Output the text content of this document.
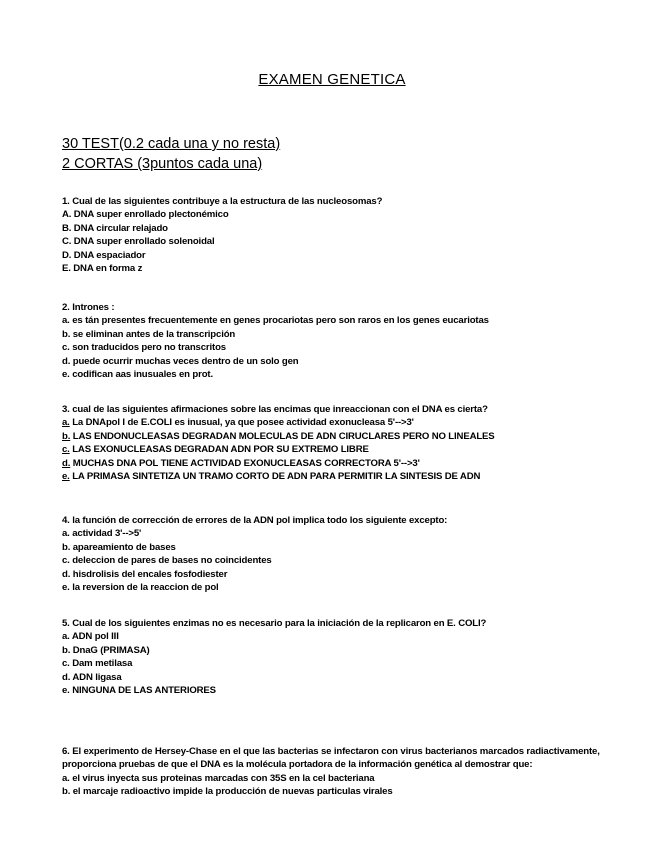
EXAMEN GENETICA
30 TEST(0.2 cada una y no resta)
2 CORTAS (3puntos cada una)
1. Cual de las siguientes contribuye a la estructura de las nucleosomas?
A. DNA super enrollado plectonémico
B. DNA circular relajado
C. DNA super enrollado solenoidal
D. DNA espaciador
E. DNA en forma z
2. Intrones :
a. es tán presentes frecuentemente en genes procariotas pero son raros en los genes eucariotas
b. se eliminan antes de la transcripción
c. son traducidos pero no transcritos
d. puede ocurrir muchas veces dentro de un solo gen
e. codifican aas inusuales en prot.
3. cual de las siguientes afirmaciones sobre las encimas que inreaccionan con el DNA es cierta?
a. La DNApol I de E.COLI es inusual, ya que posee actividad exonucleasa 5'-->3'
b. LAS ENDONUCLEASAS DEGRADAN MOLECULAS DE ADN CIRUCLARES PERO NO LINEALES
c. LAS EXONUCLEASAS DEGRADAN ADN POR SU EXTREMO LIBRE
d. MUCHAS DNA POL TIENE ACTIVIDAD EXONUCLEASAS CORRECTORA 5'-->3'
e. LA PRIMASA SINTETIZA UN TRAMO CORTO DE ADN PARA PERMITIR LA SINTESIS DE ADN
4. la función de corrección de errores de la ADN pol implica todo los siguiente excepto:
a. actividad 3'-->5'
b. apareamiento de bases
c. deleccion de pares de bases no coincidentes
d. hisdrolisis del encales fosfodiester
e. la reversion de la reaccion de pol
5. Cual de los siguientes enzimas no es necesario para la iniciación de la replicaron en E. COLI?
a. ADN pol III
b. DnaG (PRIMASA)
c. Dam metilasa
d. ADN ligasa
e. NINGUNA DE LAS ANTERIORES
6. El experimento de Hersey-Chase en el que las bacterias se infectaron con virus bacterianos marcados radiactivamente, proporciona pruebas de que el DNA es la molécula portadora de la información genética al demostrar que:
a. el virus inyecta sus proteinas marcadas con 35S en la cel bacteriana
b. el marcaje radioactivo impide la producción de nuevas particulas virales
